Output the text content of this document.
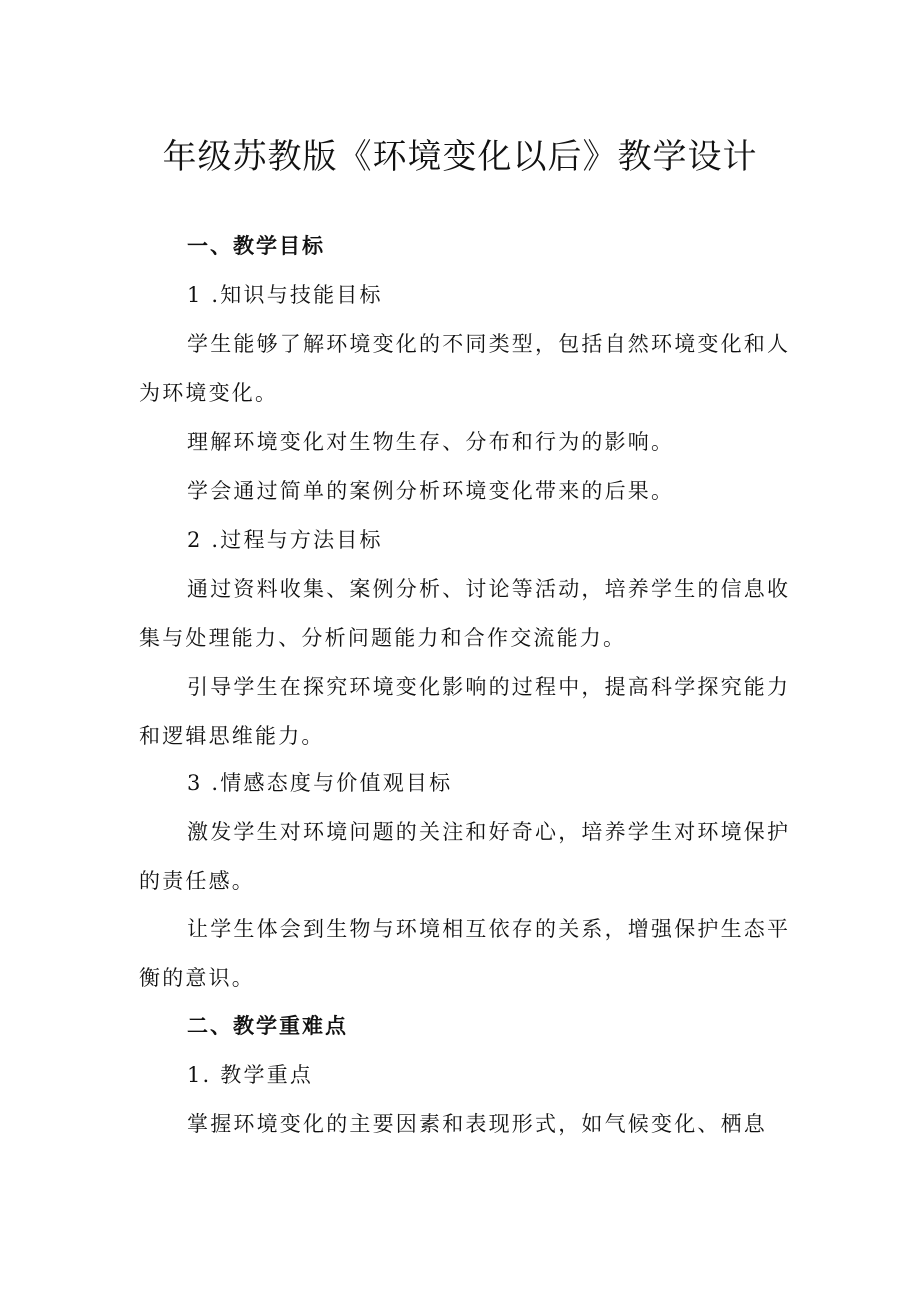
年级苏教版《环境变化以后》教学设计
一、教学目标
1 .知识与技能目标
学生能够了解环境变化的不同类型，包括自然环境变化和人
为环境变化。
理解环境变化对生物生存、分布和行为的影响。
学会通过简单的案例分析环境变化带来的后果。
2 .过程与方法目标
通过资料收集、案例分析、讨论等活动，培养学生的信息收
集与处理能力、分析问题能力和合作交流能力。
引导学生在探究环境变化影响的过程中，提高科学探究能力
和逻辑思维能力。
3 .情感态度与价值观目标
激发学生对环境问题的关注和好奇心，培养学生对环境保护
的责任感。
让学生体会到生物与环境相互依存的关系，增强保护生态平
衡的意识。
二、教学重难点
1. 教学重点
掌握环境变化的主要因素和表现形式，如气候变化、栖息
